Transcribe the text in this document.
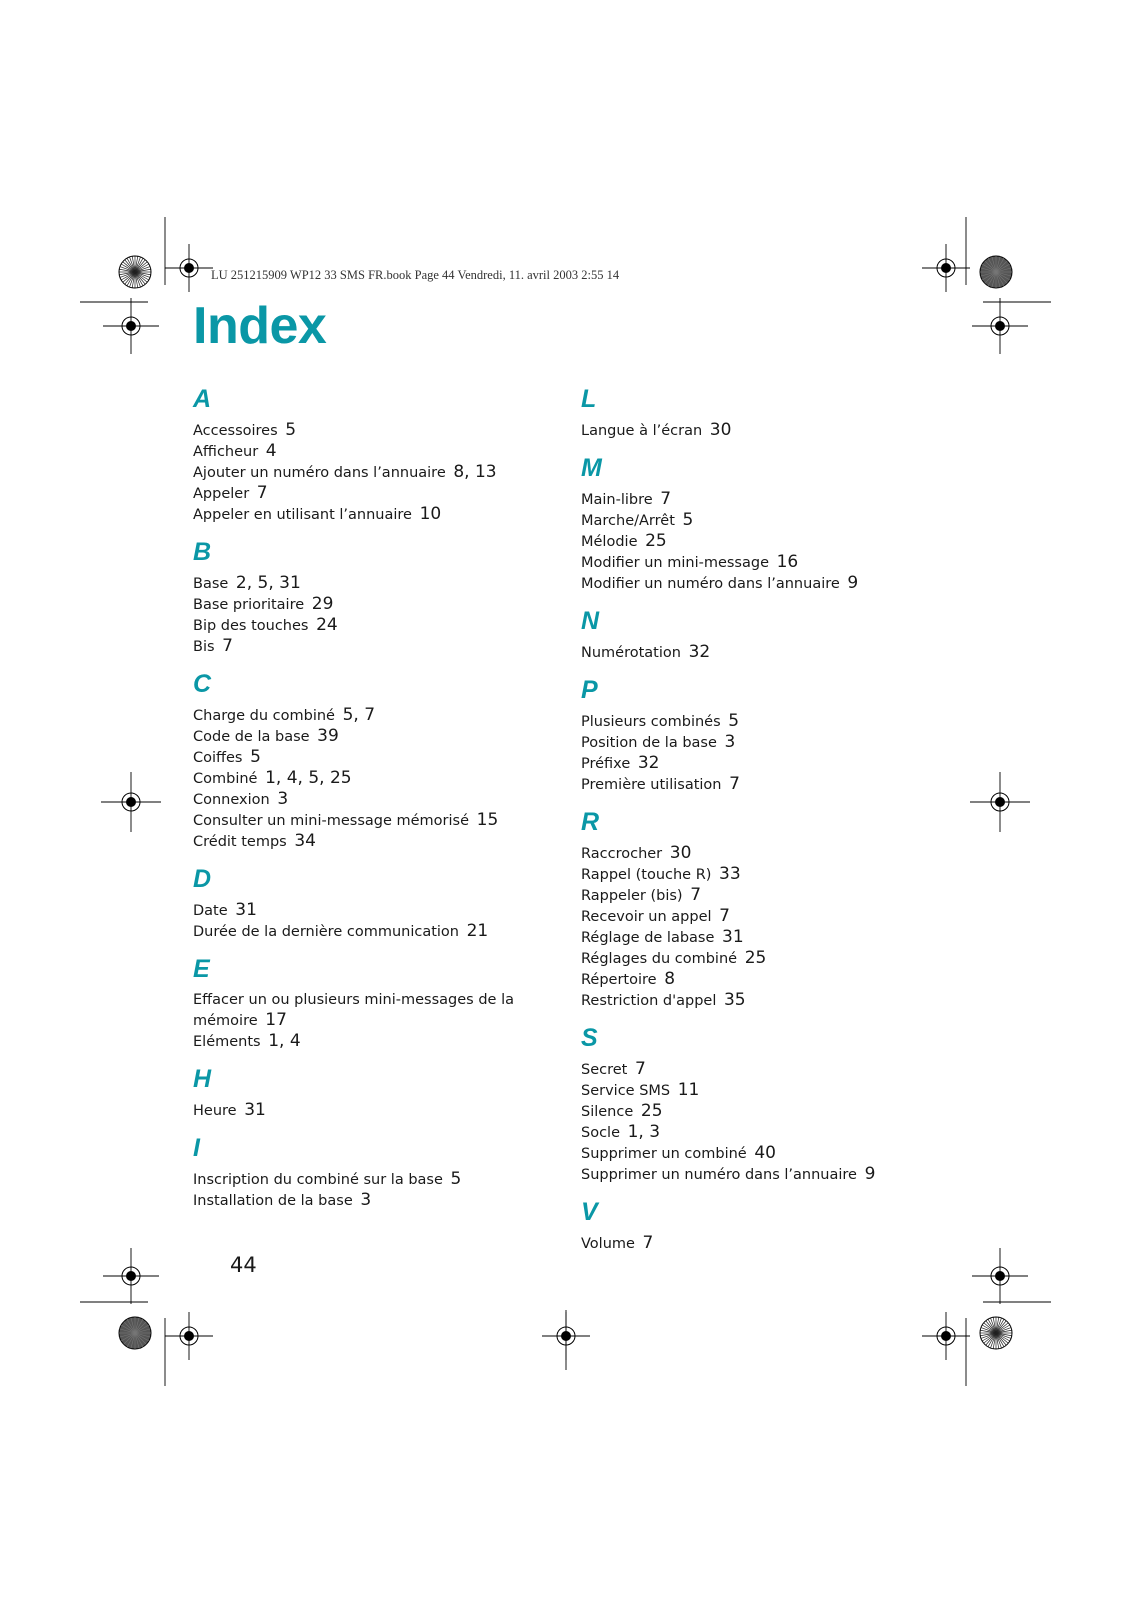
LU 251215909 WP12 33 SMS FR.book Page 44 Vendredi, 11. avril 2003 2:55 14
Index
A
Accessoires 5
Afficheur 4
Ajouter un numéro dans l’annuaire 8, 13
Appeler 7
Appeler en utilisant l’annuaire 10
B
Base 2, 5, 31
Base prioritaire 29
Bip des touches 24
Bis 7
C
Charge du combiné 5, 7
Code de la base 39
Coiffes 5
Combiné 1, 4, 5, 25
Connexion 3
Consulter un mini-message mémorisé 15
Crédit temps 34
D
Date 31
Durée de la dernière communication 21
E
Effacer un ou plusieurs mini-messages de la mémoire 17
Eléments 1, 4
H
Heure 31
I
Inscription du combiné sur la base 5
Installation de la base 3
L
Langue à l’écran 30
M
Main-libre 7
Marche/Arrêt 5
Mélodie 25
Modifier un mini-message 16
Modifier un numéro dans l’annuaire 9
N
Numérotation 32
P
Plusieurs combinés 5
Position de la base 3
Préfixe 32
Première utilisation 7
R
Raccrocher 30
Rappel (touche R) 33
Rappeler (bis) 7
Recevoir un appel 7
Réglage de labase 31
Réglages du combiné 25
Répertoire 8
Restriction d'appel 35
S
Secret 7
Service SMS 11
Silence 25
Socle 1, 3
Supprimer un combiné 40
Supprimer un numéro dans l’annuaire 9
V
Volume 7
44
